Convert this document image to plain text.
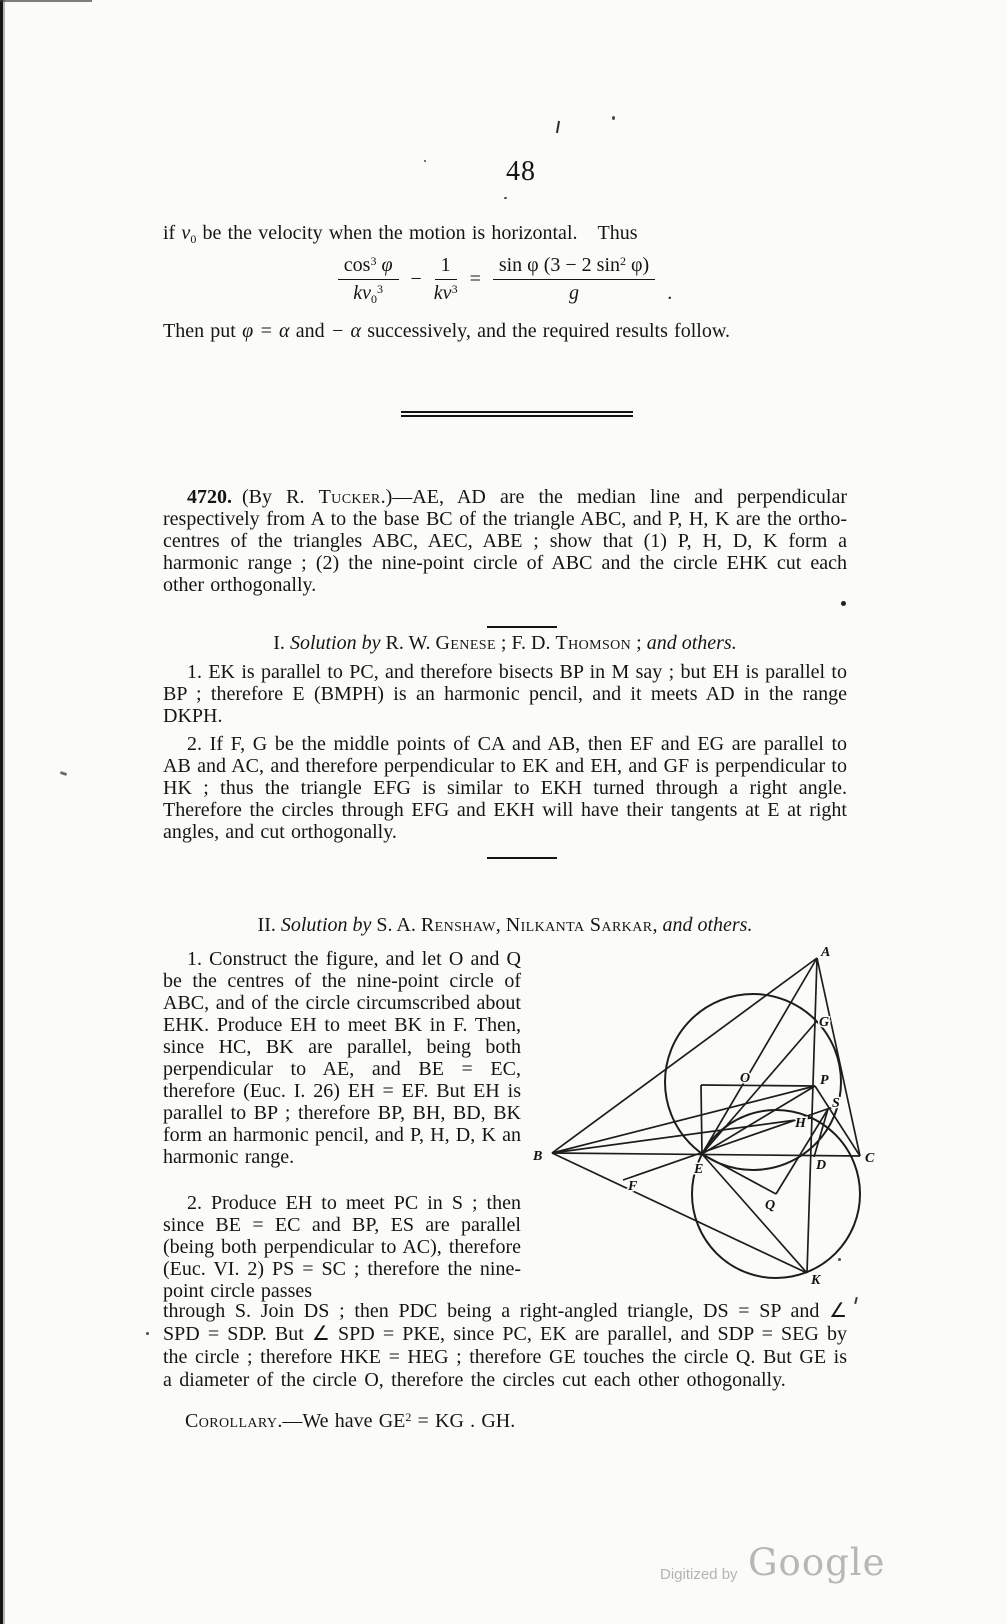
48
if $v_0$ be the velocity when the motion is horizontal.  Thus
$\frac{\cos^3 \varphi}{kv_0^3} - \frac{1}{kv^3} = \frac{\sin \varphi (3 - 2 \sin^2 \varphi)}{g}$ .
Then put φ = α and − α successively, and the required results follow.
4720. (By R. Tucker.)—AE, AD are the median line and perpendicular respectively from A to the base BC of the triangle ABC, and P, H, K are the ortho-centres of the triangles ABC, AEC, ABE ; show that (1) P, H, D, K form a harmonic range ; (2) the nine-point circle of ABC and the circle EHK cut each other orthogonally.
I. Solution by R. W. Genese ; F. D. Thomson ; and others.
1. EK is parallel to PC, and therefore bisects BP in M say ; but EH is parallel to BP ; therefore E (BMPH) is an harmonic pencil, and it meets AD in the range DKPH.
2. If F, G be the middle points of CA and AB, then EF and EG are parallel to AB and AC, and therefore perpendicular to EK and EH, and GF is perpendicular to HK ; thus the triangle EFG is similar to EKH turned through a right angle. Therefore the circles through EFG and EKH will have their tangents at E at right angles, and cut orthogonally.
II. Solution by S. A. Renshaw, Nilkanta Sarkar, and others.
1. Construct the figure, and let O and Q be the centres of the nine-point circle of ABC, and of the circle circumscribed about EHK. Produce EH to meet BK in F. Then, since HC, BK are parallel, being both perpendicular to AE, and BE = EC, therefore (Euc. I. 26) EH = EF. But EH is parallel to BP ; therefore BP, BH, BD, BK form an harmonic pencil, and P, H, D, K an harmonic range.
2. Produce EH to meet PC in S ; then since BE = EC and BP, ES are parallel (being both perpendicular to AC), therefore (Euc. VI. 2) PS = SC ; therefore the nine-point circle passes
A
B	C
D
E
F
G
H
K
O	P
Q
S
through S. Join DS ; then PDC being a right-angled triangle, DS = SP and ∠ SPD = SDP. But ∠ SPD = PKE, since PC, EK are parallel, and SDP = SEG by the circle ; therefore HKE = HEG ; therefore GE touches the circle Q. But GE is a diameter of the circle O, therefore the circles cut each other othogonally.
Corollary.—We have $GE^2$ = KG . GH.
Digitized by Google
